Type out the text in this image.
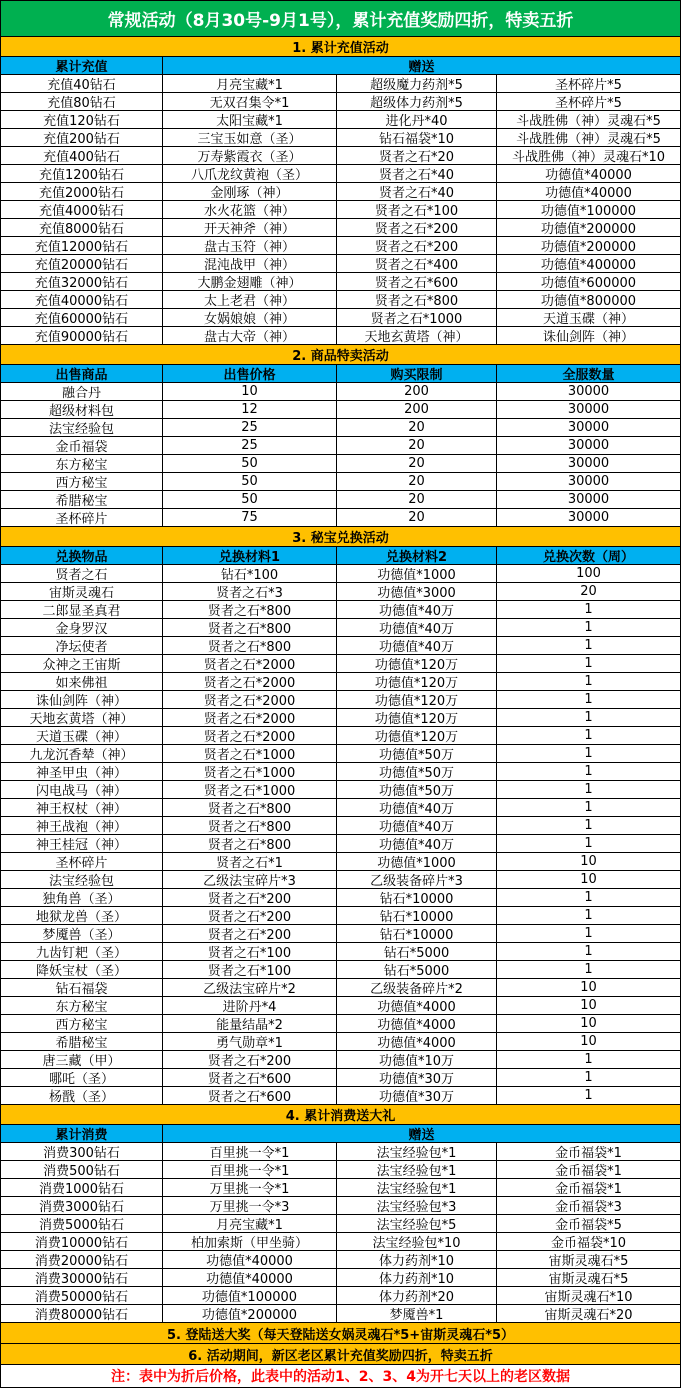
常规活动（8月30号-9月1号），累计充值奖励四折，特卖五折
1. 累计充值活动
累计充值	赠送
充值40钻石	月亮宝藏*1	超级魔力药剂*5	圣杯碎片*5
充值80钻石	无双召集令*1	超级体力药剂*5	圣杯碎片*5
充值120钻石	太阳宝藏*1	进化丹*40	斗战胜佛（神）灵魂石*5
充值200钻石	三宝玉如意（圣）	钻石福袋*10	斗战胜佛（神）灵魂石*5
充值400钻石	万寿紫霞衣（圣）	贤者之石*20	斗战胜佛（神）灵魂石*10
充值1200钻石	八爪龙纹黄袍（圣）	贤者之石*40	功德值*40000
充值2000钻石	金刚琢（神）	贤者之石*40	功德值*40000
充值4000钻石	水火花篮（神）	贤者之石*100	功德值*100000
充值8000钻石	开天神斧（神）	贤者之石*200	功德值*200000
充值12000钻石	盘古玉符（神）	贤者之石*200	功德值*200000
充值20000钻石	混沌战甲（神）	贤者之石*400	功德值*400000
充值32000钻石	大鹏金翅雕（神）	贤者之石*600	功德值*600000
充值40000钻石	太上老君（神）	贤者之石*800	功德值*800000
充值60000钻石	女娲娘娘（神）	贤者之石*1000	天道玉碟（神）
充值90000钻石	盘古大帝（神）	天地玄黄塔（神）	诛仙剑阵（神）
2. 商品特卖活动
出售商品	出售价格	购买限制	全服数量
融合丹	10	200	30000
超级材料包	12	200	30000
法宝经验包	25	20	30000
金币福袋	25	20	30000
东方秘宝	50	20	30000
西方秘宝	50	20	30000
希腊秘宝	50	20	30000
圣杯碎片	75	20	30000
3. 秘宝兑换活动
兑换物品	兑换材料1	兑换材料2	兑换次数（周）
贤者之石	钻石*100	功德值*1000	100
宙斯灵魂石	贤者之石*3	功德值*3000	20
二郎显圣真君	贤者之石*800	功德值*40万	1
金身罗汉	贤者之石*800	功德值*40万	1
净坛使者	贤者之石*800	功德值*40万	1
众神之王宙斯	贤者之石*2000	功德值*120万	1
如来佛祖	贤者之石*2000	功德值*120万	1
诛仙剑阵（神）	贤者之石*2000	功德值*120万	1
天地玄黄塔（神）	贤者之石*2000	功德值*120万	1
天道玉碟（神）	贤者之石*2000	功德值*120万	1
九龙沉香辇（神）	贤者之石*1000	功德值*50万	1
神圣甲虫（神）	贤者之石*1000	功德值*50万	1
闪电战马（神）	贤者之石*1000	功德值*50万	1
神王权杖（神）	贤者之石*800	功德值*40万	1
神王战袍（神）	贤者之石*800	功德值*40万	1
神王桂冠（神）	贤者之石*800	功德值*40万	1
圣杯碎片	贤者之石*1	功德值*1000	10
法宝经验包	乙级法宝碎片*3	乙级装备碎片*3	10
独角兽（圣）	贤者之石*200	钻石*10000	1
地狱龙兽（圣）	贤者之石*200	钻石*10000	1
梦魇兽（圣）	贤者之石*200	钻石*10000	1
九齿钉耙（圣）	贤者之石*100	钻石*5000	1
降妖宝杖（圣）	贤者之石*100	钻石*5000	1
钻石福袋	乙级法宝碎片*2	乙级装备碎片*2	10
东方秘宝	进阶丹*4	功德值*4000	10
西方秘宝	能量结晶*2	功德值*4000	10
希腊秘宝	勇气勋章*1	功德值*4000	10
唐三藏（甲）	贤者之石*200	功德值*10万	1
哪吒（圣）	贤者之石*600	功德值*30万	1
杨戬（圣）	贤者之石*600	功德值*30万	1
4. 累计消费送大礼
累计消费	赠送
消费300钻石	百里挑一令*1	法宝经验包*1	金币福袋*1
消费500钻石	百里挑一令*1	法宝经验包*1	金币福袋*1
消费1000钻石	万里挑一令*1	法宝经验包*1	金币福袋*1
消费3000钻石	万里挑一令*3	法宝经验包*3	金币福袋*3
消费5000钻石	月亮宝藏*1	法宝经验包*5	金币福袋*5
消费10000钻石	柏加索斯（甲坐骑）	法宝经验包*10	金币福袋*10
消费20000钻石	功德值*40000	体力药剂*10	宙斯灵魂石*5
消费30000钻石	功德值*40000	体力药剂*10	宙斯灵魂石*5
消费50000钻石	功德值*100000	体力药剂*20	宙斯灵魂石*10
消费80000钻石	功德值*200000	梦魇兽*1	宙斯灵魂石*20
5. 登陆送大奖（每天登陆送女娲灵魂石*5+宙斯灵魂石*5）
6. 活动期间，新区老区累计充值奖励四折，特卖五折
注：表中为折后价格，此表中的活动1、2、3、4为开七天以上的老区数据
